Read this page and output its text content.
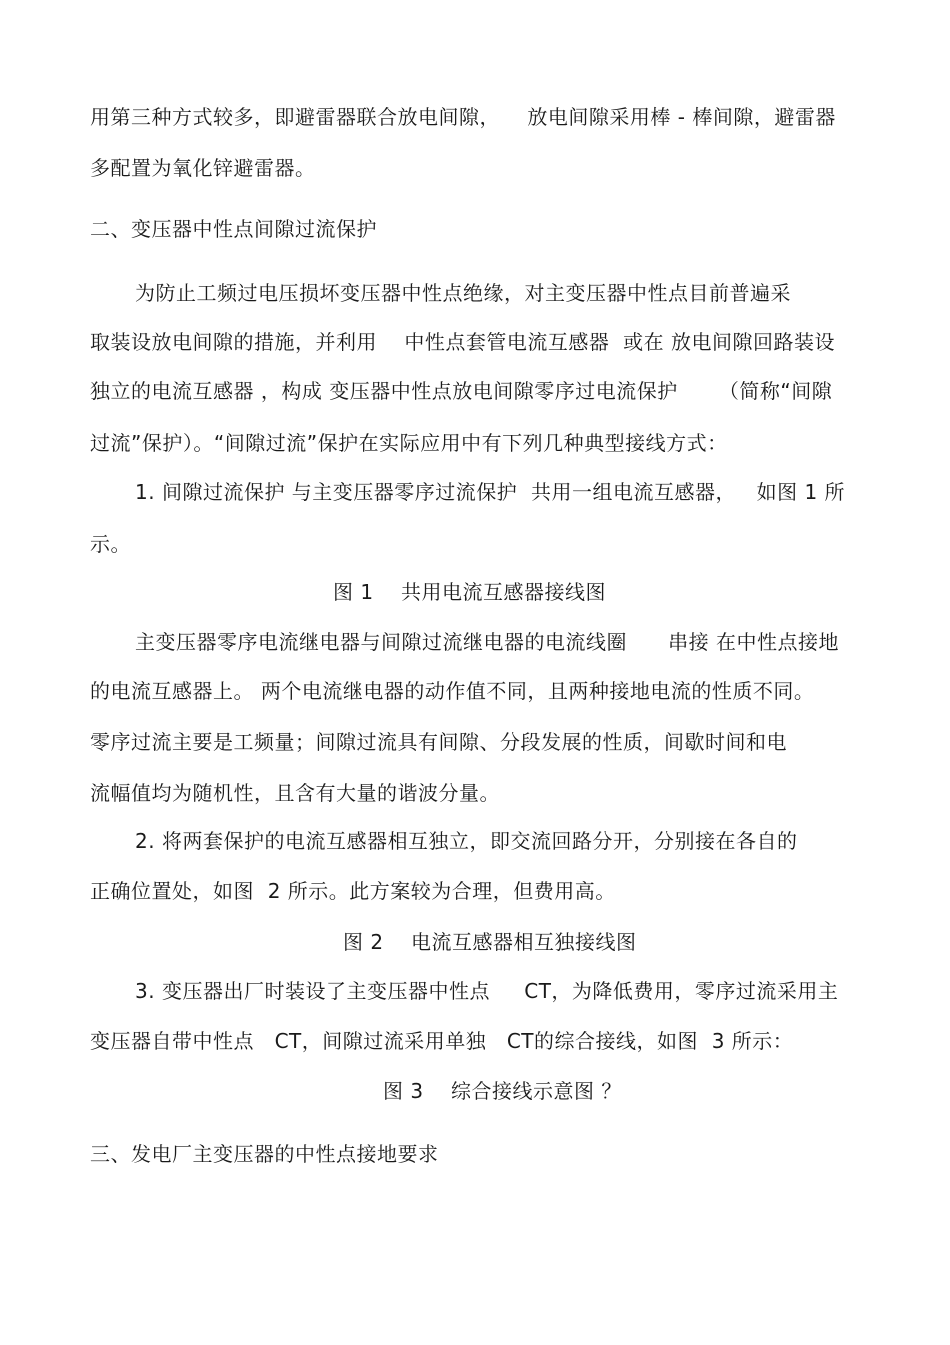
用第三种方式较多，即避雷器联合放电间隙，    放电间隙采用棒 - 棒间隙，避雷器
多配置为氧化锌避雷器。
二、变压器中性点间隙过流保护
为防止工频过电压损坏变压器中性点绝缘，对主变压器中性点目前普遍采
取装设放电间隙的措施，并利用    中性点套管电流互感器  或在 放电间隙回路装设
独立的电流互感器 ，构成 变压器中性点放电间隙零序过电流保护      （简称“间隙
过流”保护）。“间隙过流”保护在实际应用中有下列几种典型接线方式：
1. 间隙过流保护 与主变压器零序过流保护  共用一组电流互感器，   如图 1 所
示。
图 1    共用电流互感器接线图
主变压器零序电流继电器与间隙过流继电器的电流线圈      串接 在中性点接地
的电流互感器上。 两个电流继电器的动作值不同，且两种接地电流的性质不同。
零序过流主要是工频量；间隙过流具有间隙、分段发展的性质，间歇时间和电
流幅值均为随机性，且含有大量的谐波分量。
2. 将两套保护的电流互感器相互独立，即交流回路分开，分别接在各自的
正确位置处，如图  2 所示。此方案较为合理，但费用高。
图 2    电流互感器相互独接线图
3. 变压器出厂时装设了主变压器中性点     CT，为降低费用，零序过流采用主
变压器自带中性点   CT，间隙过流采用单独   CT的综合接线，如图  3 所示：
图 3    综合接线示意图 ？
三、发电厂主变压器的中性点接地要求
